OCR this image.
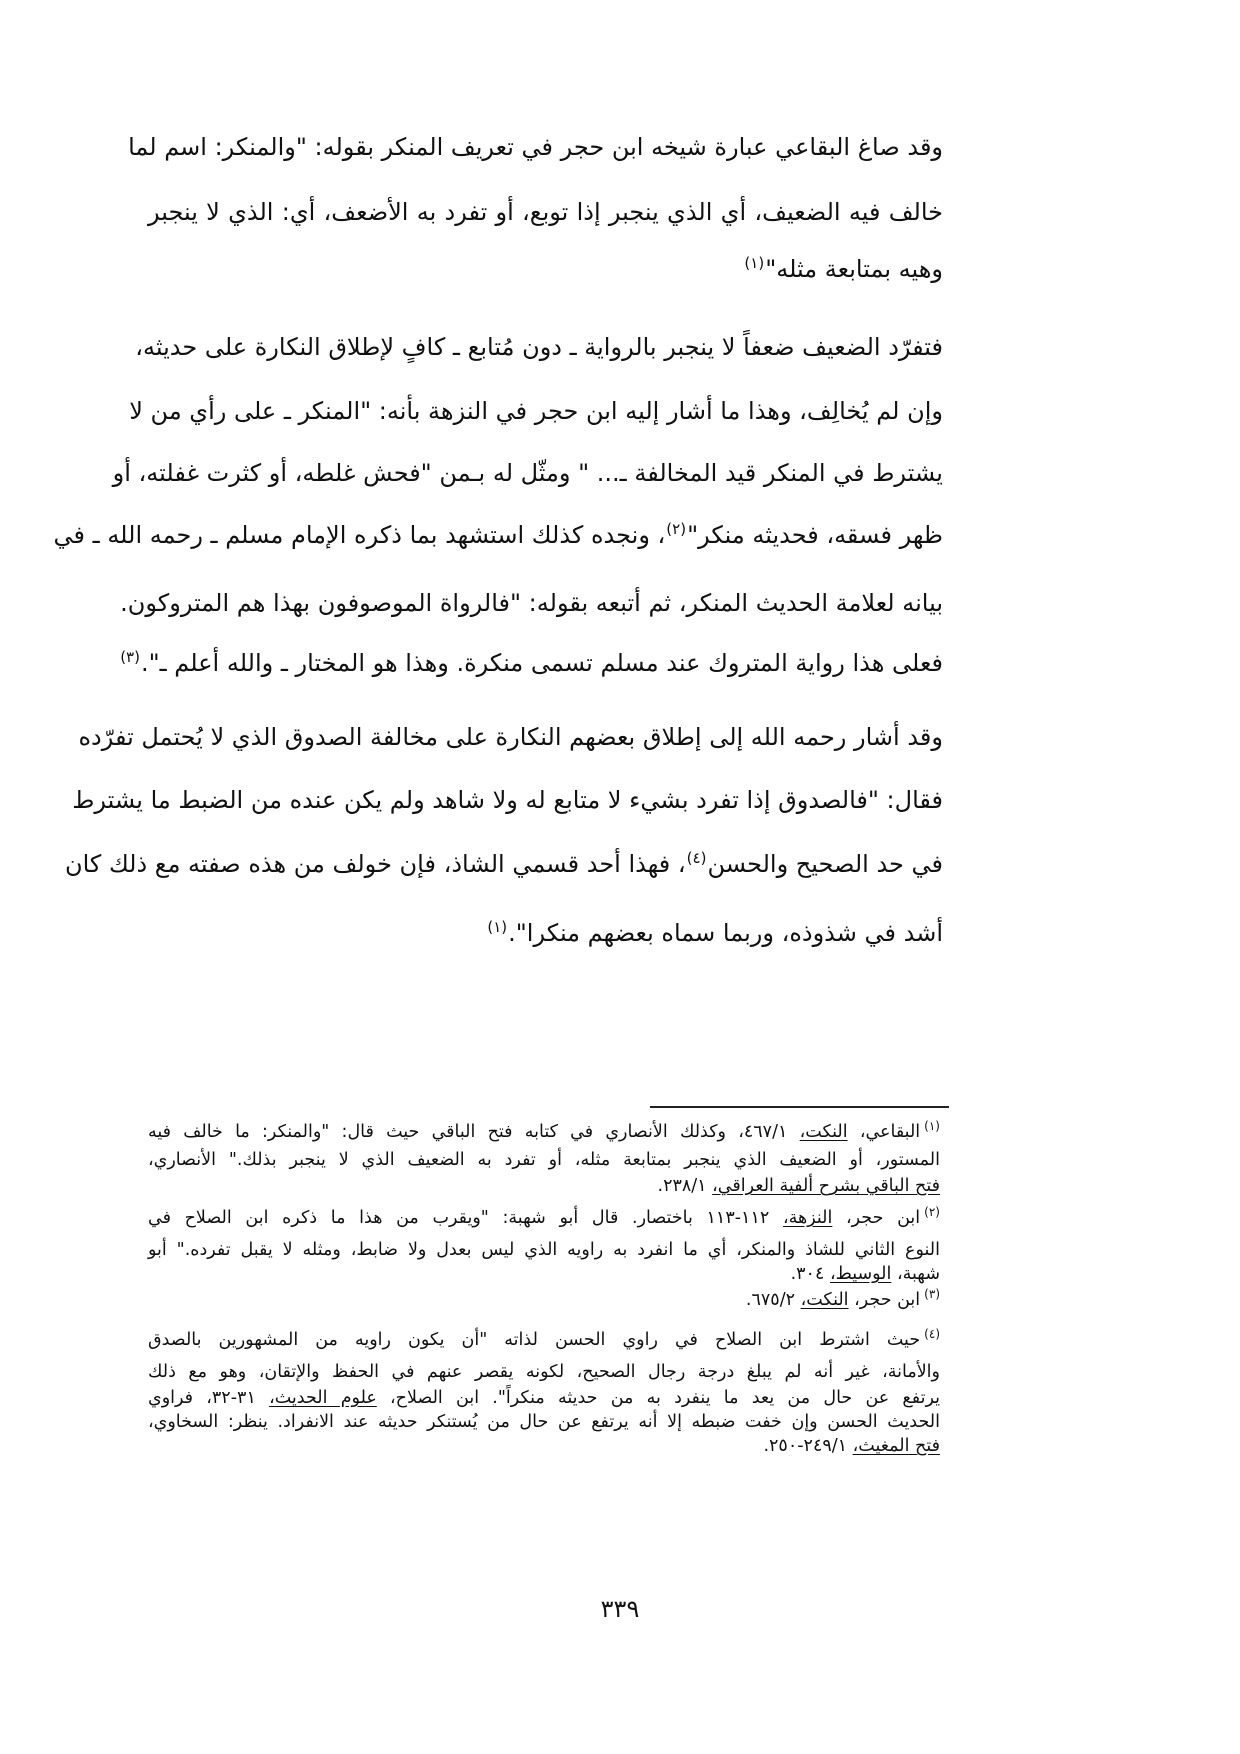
وقد صاغ البقاعي عبارة شيخه ابن حجر في تعريف المنكر بقوله: "والمنكر: اسم لما
خالف فيه الضعيف، أي الذي ينجبر إذا توبع، أو تفرد به الأضعف، أي: الذي لا ينجبر
وهيه بمتابعة مثله"$^{(١)}$
فتفرّد الضعيف ضعفاً لا ينجبر بالرواية ـ دون مُتابع ـ كافٍ لإطلاق النكارة على حديثه،
وإن لم يُخالِف، وهذا ما أشار إليه ابن حجر في النزهة بأنه: "المنكر ـ على رأي من لا
يشترط في المنكر قيد المخالفة ـ... " ومثّل له بـمن "فحش غلطه، أو كثرت غفلته، أو
ظهر فسقه، فحديثه منكر"$^{(٢)}$، ونجده كذلك استشهد بما ذكره الإمام مسلم ـ رحمه الله ـ في
بيانه لعلامة الحديث المنكر، ثم أتبعه بقوله: "فالرواة الموصوفون بهذا هم المتروكون.
فعلى هذا رواية المتروك عند مسلم تسمى منكرة. وهذا هو المختار ـ والله أعلم ـ".$^{(٣)}$
وقد أشار رحمه الله إلى إطلاق بعضهم النكارة على مخالفة الصدوق الذي لا يُحتمل تفرّده
فقال: "فالصدوق إذا تفرد بشيء لا متابع له ولا شاهد ولم يكن عنده من الضبط ما يشترط
في حد الصحيح والحسن$^{(٤)}$، فهذا أحد قسمي الشاذ، فإن خولف من هذه صفته مع ذلك كان
أشد في شذوذه، وربما سماه بعضهم منكرا".$^{(١)}$
$^{(١)}$البقاعي، النكت، ٤٦٧/١، وكذلك الأنصاري في كتابه فتح الباقي حيث قال: "والمنكر: ما خالف فيه
المستور، أو الضعيف الذي ينجبر بمتابعة مثله، أو تفرد به الضعيف الذي لا ينجبر بذلك." الأنصاري،
فتح الباقي بشرح ألفية العراقي، ٢٣٨/١.
$^{(٢)}$ابن حجر، النزهة، ١١٢-١١٣ باختصار. قال أبو شهبة: "ويقرب من هذا ما ذكره ابن الصلاح في
النوع الثاني للشاذ والمنكر، أي ما انفرد به راويه الذي ليس بعدل ولا ضابط، ومثله لا يقبل تفرده." أبو
شهبة، الوسيط، ٣٠٤.
$^{(٣)}$ابن حجر، النكت، ٦٧٥/٢.
$^{(٤)}$حيث اشترط ابن الصلاح في راوي الحسن لذاته "أن يكون راويه من المشهورين بالصدق
والأمانة، غير أنه لم يبلغ درجة رجال الصحيح، لكونه يقصر عنهم في الحفظ والإتقان، وهو مع ذلك
يرتفع عن حال من يعد ما ينفرد به من حديثه منكراً". ابن الصلاح، علوم الحديث، ٣١-٣٢، فراوي
الحديث الحسن وإن خفت ضبطه إلا أنه يرتفع عن حال من يُستنكر حديثه عند الانفراد. ينظر: السخاوي،
فتح المغيث، ٢٤٩/١-٢٥٠.
٣٣٩
